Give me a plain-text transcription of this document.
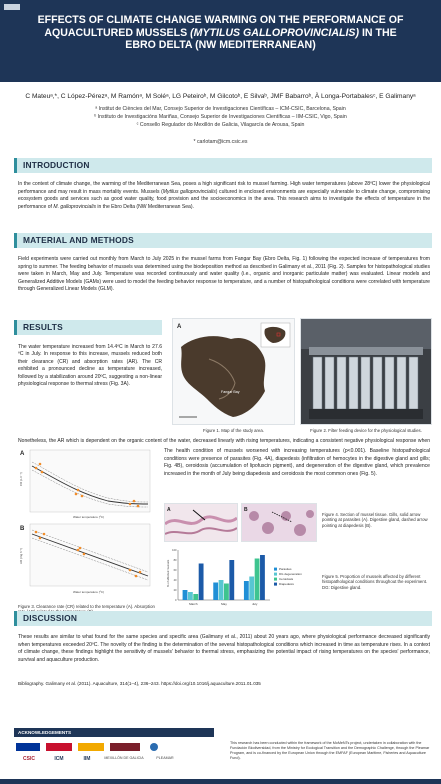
EFFECTS OF CLIMATE CHANGE WARMING ON THE PERFORMANCE OF
AQUACULTURED MUSSELS (MYTILUS GALLOPROVINCIALIS) IN THE
EBRO DELTA (NW MEDITERRANEAN)
C Mateuᵃ,*, C López-Pérezᵃ, M Ramónᵃ, M Soléᵃ, LG Peteiroᵇ, M Gilcotoᵇ, E Silvaᵇ, JMF Babarroᵇ, À Longa-Portabalesᶜ, E Galimanyᵃ
ᵃ Institut de Ciències del Mar, Consejo Superior de Investigaciones Científicas – ICM-CSIC, Barcelona, Spain
ᵇ Instituto de Investigacións Mariñas, Consejo Superior de Investigaciones Científicas – IIM-CSIC, Vigo, Spain
ᶜ Consello Regulador do Mexillón de Galicia, Vilagarcía de Arousa, Spain
* carlotam@icm.csic.es
INTRODUCTION
In the context of climate change, the warming of the Mediterranean Sea, poses a high significant risk to mussel farming. High water temperatures (above 28ºC) lower the physiological performance and may result in mass mortality events. Mussels (Mytilus galloprovincialis) cultured in enclosed environments are especially vulnerable to climate change, compromising ecosystem goods and services such as good water quality, food provision and the socioeconomics in the area. This research aims to investigate the effects of temperature in the performance of M. galloprovincialis in the Ebro Delta (NW Mediterranean Sea).
MATERIAL AND METHODS
Field experiments were carried out monthly from March to July 2025 in the mussel farms from Fangar Bay (Ebro Delta, Fig. 1) following the expected increase of temperatures from spring to summer. The feeding behavior of mussels was determined using the biodeposition method as described in Galimany et al., 2011 (Fig. 2). Samples for histopathological studies were taken in March, May and July. Temperature was recorded continuously and water quality (i.e., organic and inorganic particulate matter) was evaluated. Linear models and Generalized Additive Models (GAMs) were used to model the feeding behavior response to temperature, and a number of histopathological conditions were correlated with temperature through Generalized Linear Models (GLM).
RESULTS
The water temperature increased from 14.4ºC in March to 27.6 ºC in July. In response to this increase, mussels reduced both their clearance (CR) and absorption rates (AR). The CR exhibited a pronounced decline as temperature increased, followed by a stabilization around 20ºC, suggesting a non-linear physiological response to thermal stress (Fig. 3A).
A
Fangar Bay
Figure 1. Map of the study area.	Figure 2. Filter feeding device for the physiological studies.
Nonetheless, the AR which is dependent on the organic content of the water, decreased linearly with rising temperatures, indicating a consistent negative physiological response when
A
CR (L h⁻¹)
Water temperature (ºC)
B
AR (mg h⁻¹)
Water temperature (ºC)
Figure 3. Clearance rate (CR) related to the temperature (A). Absorption
The health condition of mussels worsened with increasing temperatures (p<0.001). Baseline histopathological conditions were presence of parasites (Fig. 4A), diapedesis (infiltration of hemocytes in the digestive gland and gills; Fig. 4B), ceroidosis (accumulation of lipofuscin pigment), and degeneration of the digestive gland, which prevalence increased in the month of July being diapedesis and ceroidosis the most common ones (Fig. 5).
A	B
Figure 4. Section of mussel tissue. Gills, solid arrow pointing at parasites (A). Digestive gland, dashed arrow pointing at diapedesis (B).
0
20
40
60
80
100
% of affected mussels
March	May	July
Parasites
DG degeneration
Ceroidosis
Diapedesis
Figure 5. Proportion of mussels affected by different histopathological conditions throughout the experiment. DG: Digestive gland.
DISCUSSION
These results are similar to what found for the same species and specific area (Galimany et al., 2011) about 20 years ago, where physiological performance decreased significantly when temperatures exceeded 20ºC. The novelty of the finding is the determination of the several histopathological conditions which increased in time as temperature rises. In a context of climate change, these findings highlight the sensitivity of mussels' behavior to thermal stress, emphasizing the potential impact of rising temperatures on the species' performance, survival and aquaculture production.
Bibliography. Galimany et al. (2011). Aquaculture, 314(1–4), 236–243. https://doi.org/10.1016/j.aquaculture.2011.01.035
ACKNOWLEDGEMENTS
CSIC	ICM	IIM	MEXILLÓN DE GALICIA	PLEAMAR
This research has been conducted within the framework of the MoMeNTs project, undertaken in collaboration with the Fundación Biodiversidad, from the Ministry for Ecological Transition and the Demographic Challenge, through the Pleamar Program, and is co-financed by the European Union through the EMFAF (European Maritime, Fisheries and Aquaculture Fund).
